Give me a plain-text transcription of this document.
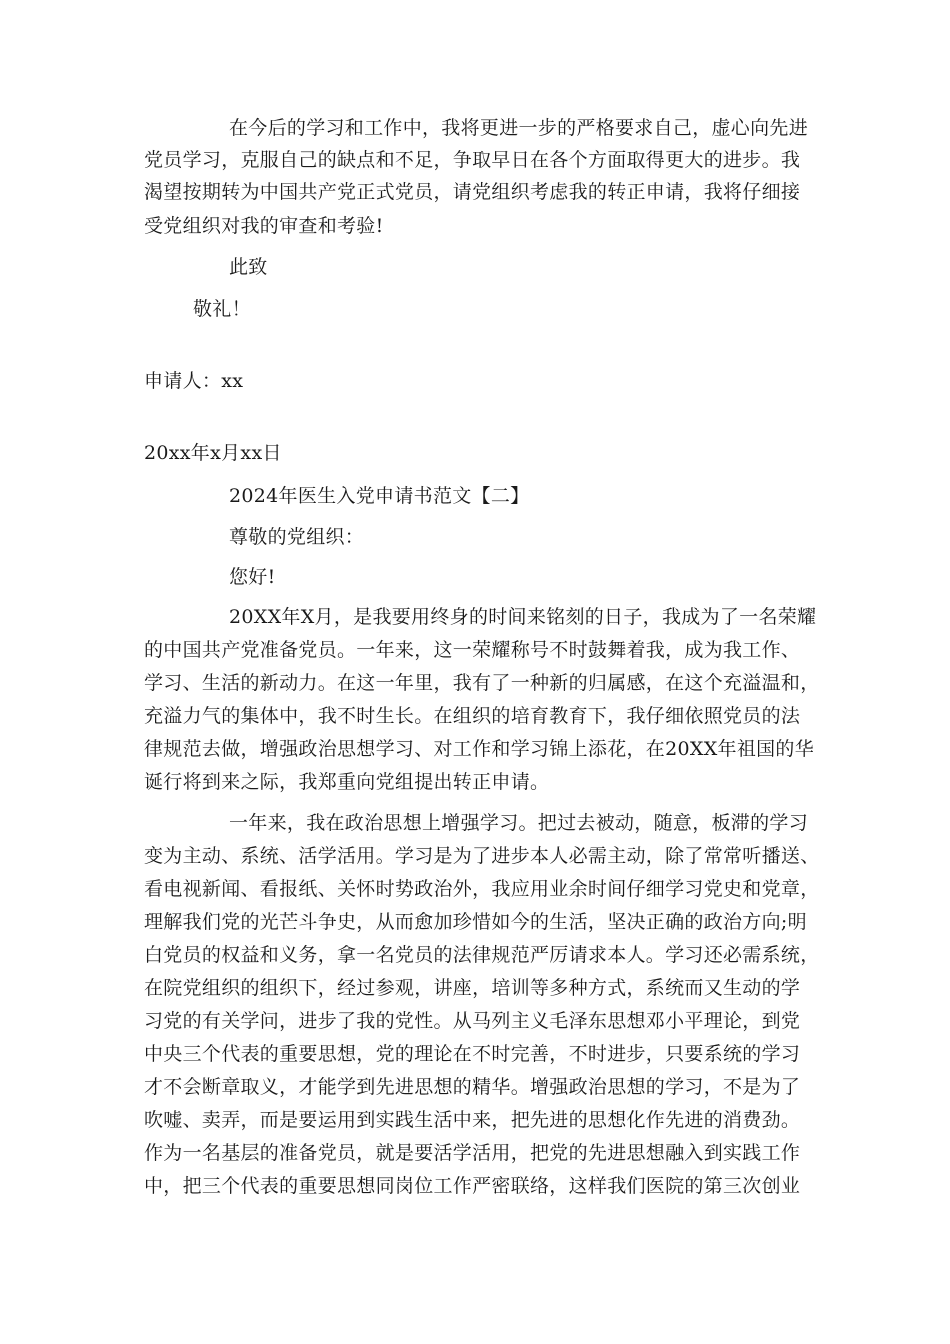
在今后的学习和工作中，我将更进一步的严格要求自己，虚心向先进
党员学习，克服自己的缺点和不足，争取早日在各个方面取得更大的进步。我
渴望按期转为中国共产党正式党员，请党组织考虑我的转正申请，我将仔细接
受党组织对我的审查和考验!
此致
敬礼！
申请人：xx
20xx年x月xx日
2024年医生入党申请书范文【二】
尊敬的党组织：
您好!
20XX年X月，是我要用终身的时间来铭刻的日子，我成为了一名荣耀
的中国共产党准备党员。一年来，这一荣耀称号不时鼓舞着我，成为我工作、
学习、生活的新动力。在这一年里，我有了一种新的归属感，在这个充溢温和，
充溢力气的集体中，我不时生长。在组织的培育教育下，我仔细依照党员的法
律规范去做，增强政治思想学习、对工作和学习锦上添花，在20XX年祖国的华
诞行将到来之际，我郑重向党组提出转正申请。
一年来，我在政治思想上增强学习。把过去被动，随意，板滞的学习
变为主动、系统、活学活用。学习是为了进步本人必需主动，除了常常听播送、
看电视新闻、看报纸、关怀时势政治外，我应用业余时间仔细学习党史和党章，
理解我们党的光芒斗争史，从而愈加珍惜如今的生活，坚决正确的政治方向;明
白党员的权益和义务，拿一名党员的法律规范严厉请求本人。学习还必需系统，
在院党组织的组织下，经过参观，讲座，培训等多种方式，系统而又生动的学
习党的有关学问，进步了我的党性。从马列主义毛泽东思想邓小平理论，到党
中央三个代表的重要思想，党的理论在不时完善，不时进步，只要系统的学习
才不会断章取义，才能学到先进思想的精华。增强政治思想的学习，不是为了
吹嘘、卖弄，而是要运用到实践生活中来，把先进的思想化作先进的消费劲。
作为一名基层的准备党员，就是要活学活用，把党的先进思想融入到实践工作
中，把三个代表的重要思想同岗位工作严密联络，这样我们医院的第三次创业
